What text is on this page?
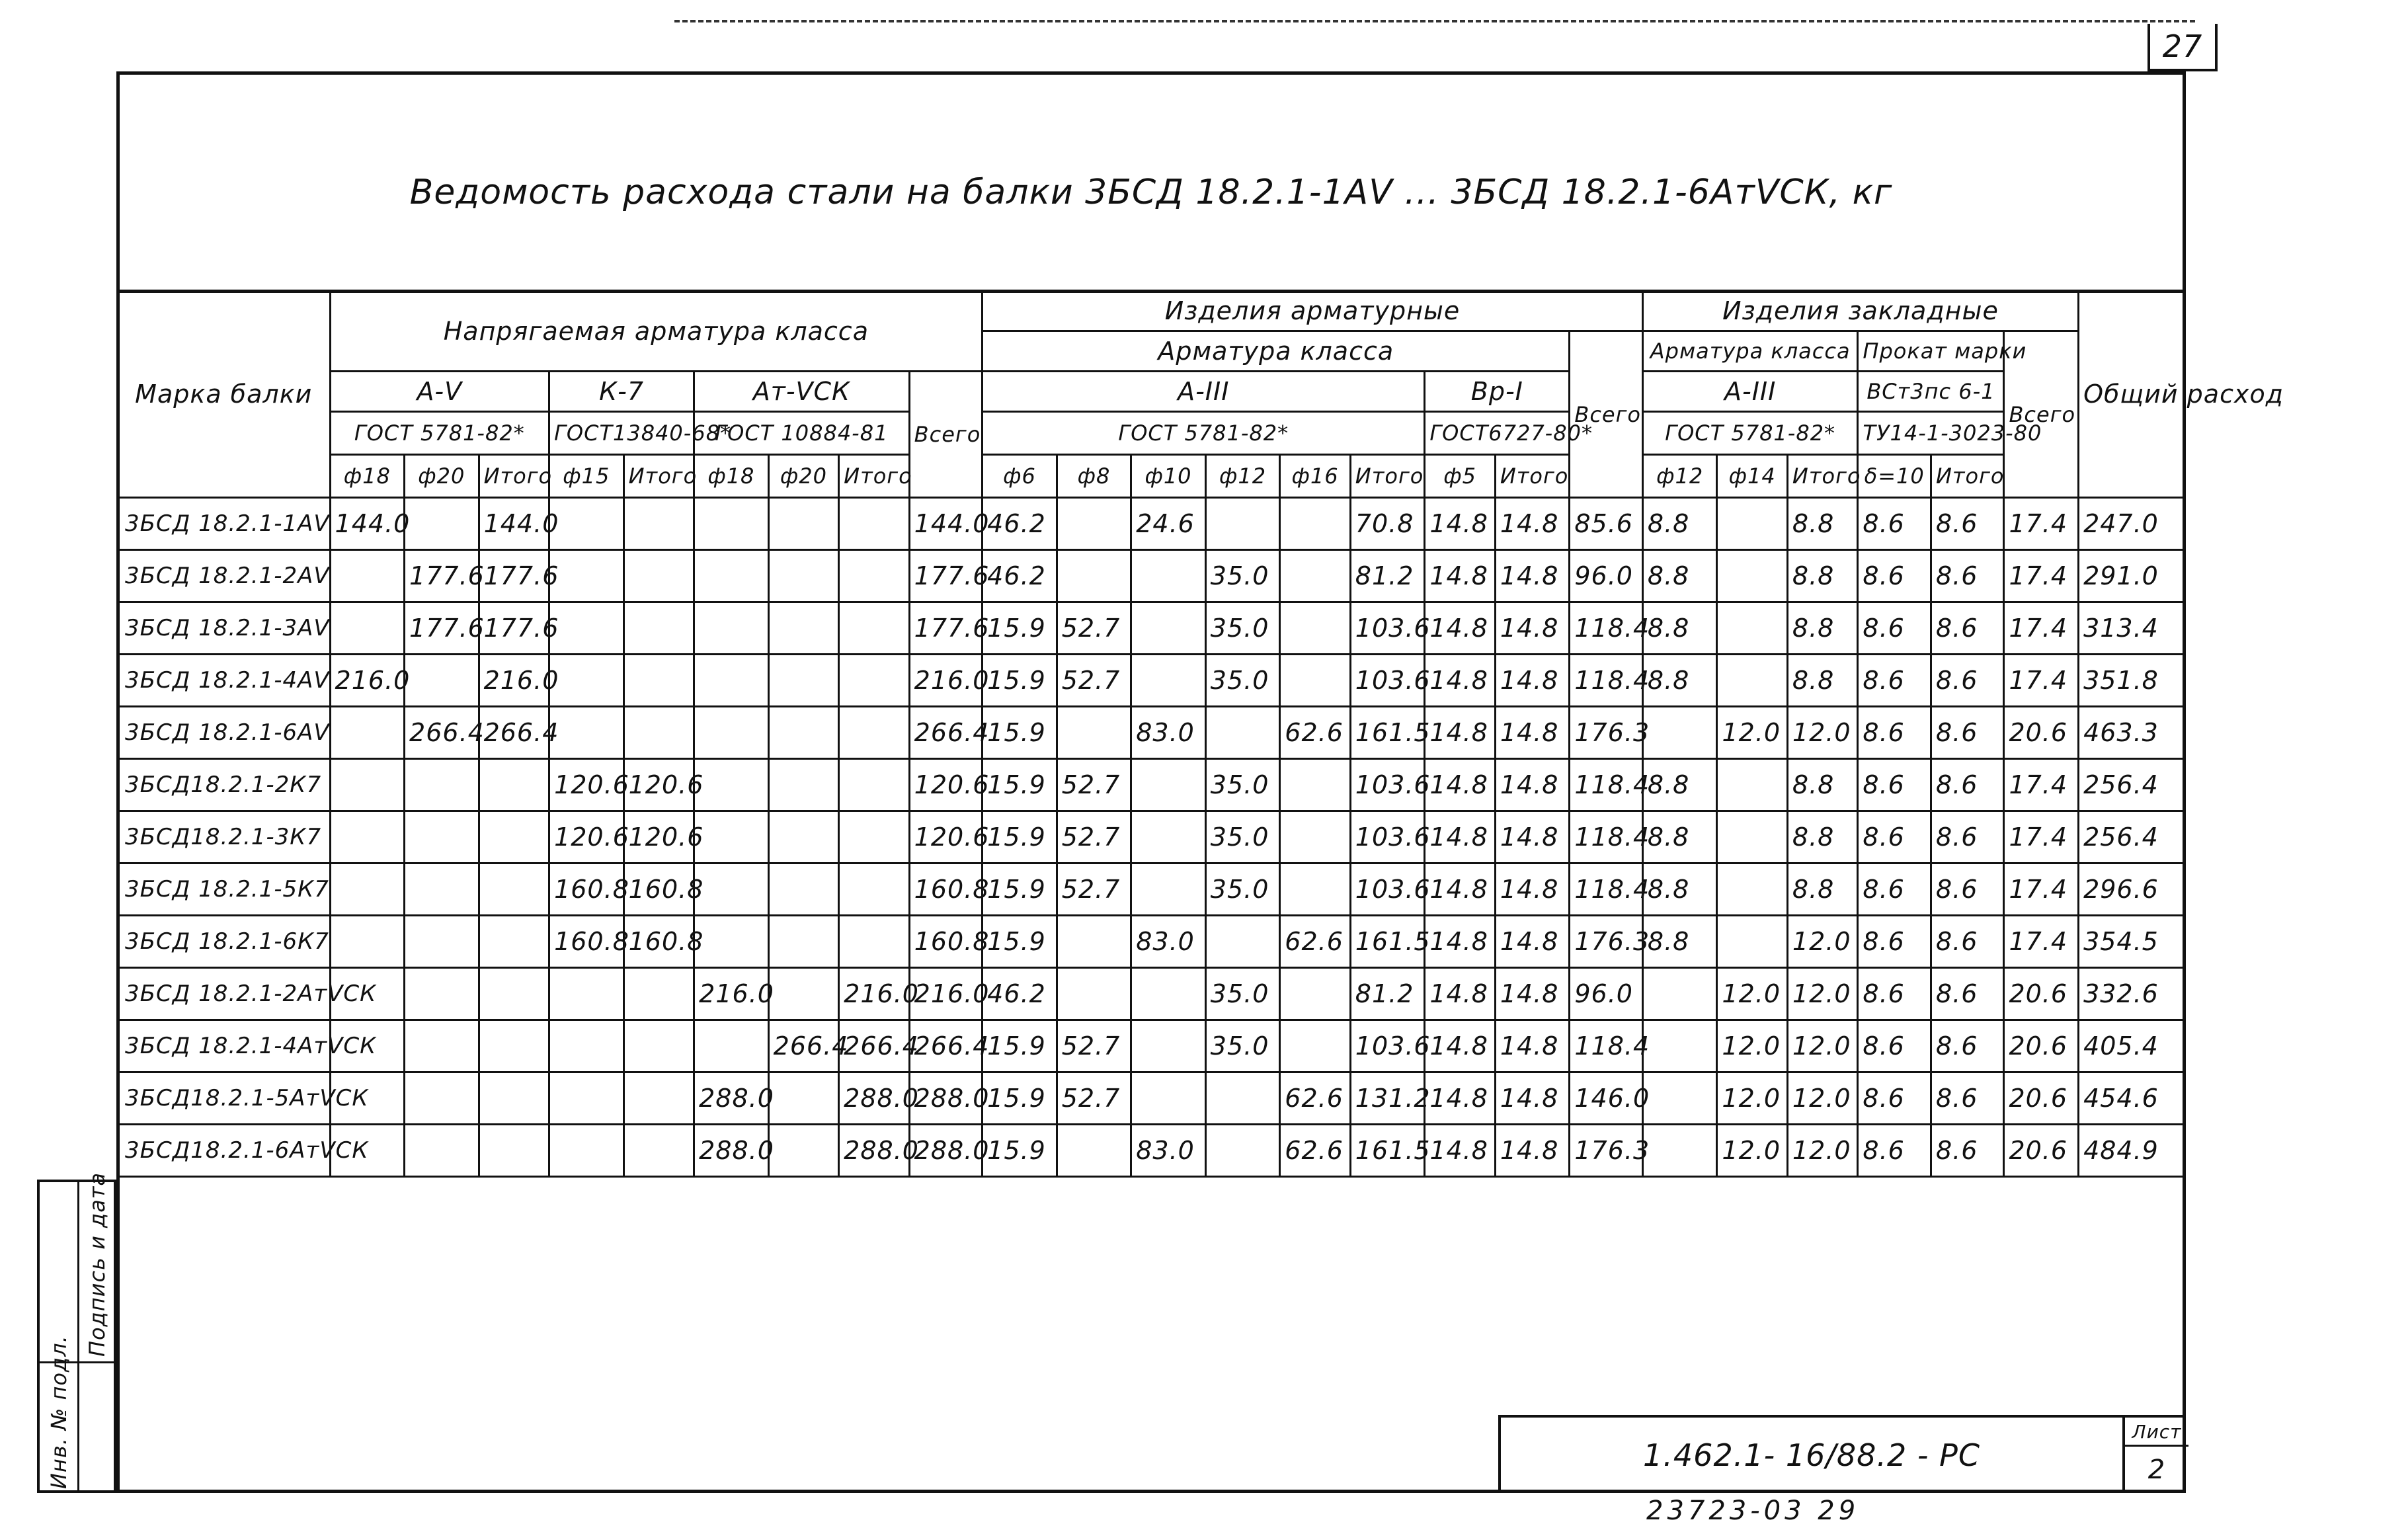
27
Ведомость расхода стали на балки 3БСД 18.2.1-1АV ... 3БСД 18.2.1-6АтVСК, кг
Марка балки	Напрягаемая арматура класса									Изделия арматурные									Изделия закладные						Общий расход
										Арматура класса								Всего	Арматура класса			Прокат марки		Всего	
	А-V			К-7		Ат-VСК			Всего	А-III						Вр-I			А-III			ВСт3пс 6-1			
	ГОСТ 5781-82*			ГОСТ13840-68*		ГОСТ 10884-81				ГОСТ 5781-82*						ГОСТ6727-80*			ГОСТ 5781-82*			ТУ14-1-3023-80			
	ф18	ф20	Итого	ф15	Итого	ф18	ф20	Итого		ф6	ф8	ф10	ф12	ф16	Итого	ф5	Итого		ф12	ф14	Итого	δ=10	Итого		
3БСД 18.2.1-1АV	144.0		144.0						144.0	46.2		24.6			70.8	14.8	14.8	85.6	8.8		8.8	8.6	8.6	17.4	247.0
3БСД 18.2.1-2АV		177.6	177.6						177.6	46.2			35.0		81.2	14.8	14.8	96.0	8.8		8.8	8.6	8.6	17.4	291.0
3БСД 18.2.1-3АV		177.6	177.6						177.6	15.9	52.7		35.0		103.6	14.8	14.8	118.4	8.8		8.8	8.6	8.6	17.4	313.4
3БСД 18.2.1-4АV	216.0		216.0						216.0	15.9	52.7		35.0		103.6	14.8	14.8	118.4	8.8		8.8	8.6	8.6	17.4	351.8
3БСД 18.2.1-6АV		266.4	266.4						266.4	15.9		83.0		62.6	161.5	14.8	14.8	176.3		12.0	12.0	8.6	8.6	20.6	463.3
3БСД18.2.1-2К7				120.6	120.6				120.6	15.9	52.7		35.0		103.6	14.8	14.8	118.4	8.8		8.8	8.6	8.6	17.4	256.4
3БСД18.2.1-3К7				120.6	120.6				120.6	15.9	52.7		35.0		103.6	14.8	14.8	118.4	8.8		8.8	8.6	8.6	17.4	256.4
3БСД 18.2.1-5К7				160.8	160.8				160.8	15.9	52.7		35.0		103.6	14.8	14.8	118.4	8.8		8.8	8.6	8.6	17.4	296.6
3БСД 18.2.1-6К7				160.8	160.8				160.8	15.9		83.0		62.6	161.5	14.8	14.8	176.3	8.8		12.0	8.6	8.6	17.4	354.5
3БСД 18.2.1-2АтVСК						216.0		216.0	216.0	46.2			35.0		81.2	14.8	14.8	96.0		12.0	12.0	8.6	8.6	20.6	332.6
3БСД 18.2.1-4АтVСК							266.4	266.4	266.4	15.9	52.7		35.0		103.6	14.8	14.8	118.4		12.0	12.0	8.6	8.6	20.6	405.4
3БСД18.2.1-5АтVСК						288.0		288.0	288.0	15.9	52.7			62.6	131.2	14.8	14.8	146.0		12.0	12.0	8.6	8.6	20.6	454.6
3БСД18.2.1-6АтVСК						288.0		288.0	288.0	15.9		83.0		62.6	161.5	14.8	14.8	176.3		12.0	12.0	8.6	8.6	20.6	484.9
Инв. № подл.
Подпись и дата
1.462.1- 16/88.2 - РС
Лист
2
23723-03 29
